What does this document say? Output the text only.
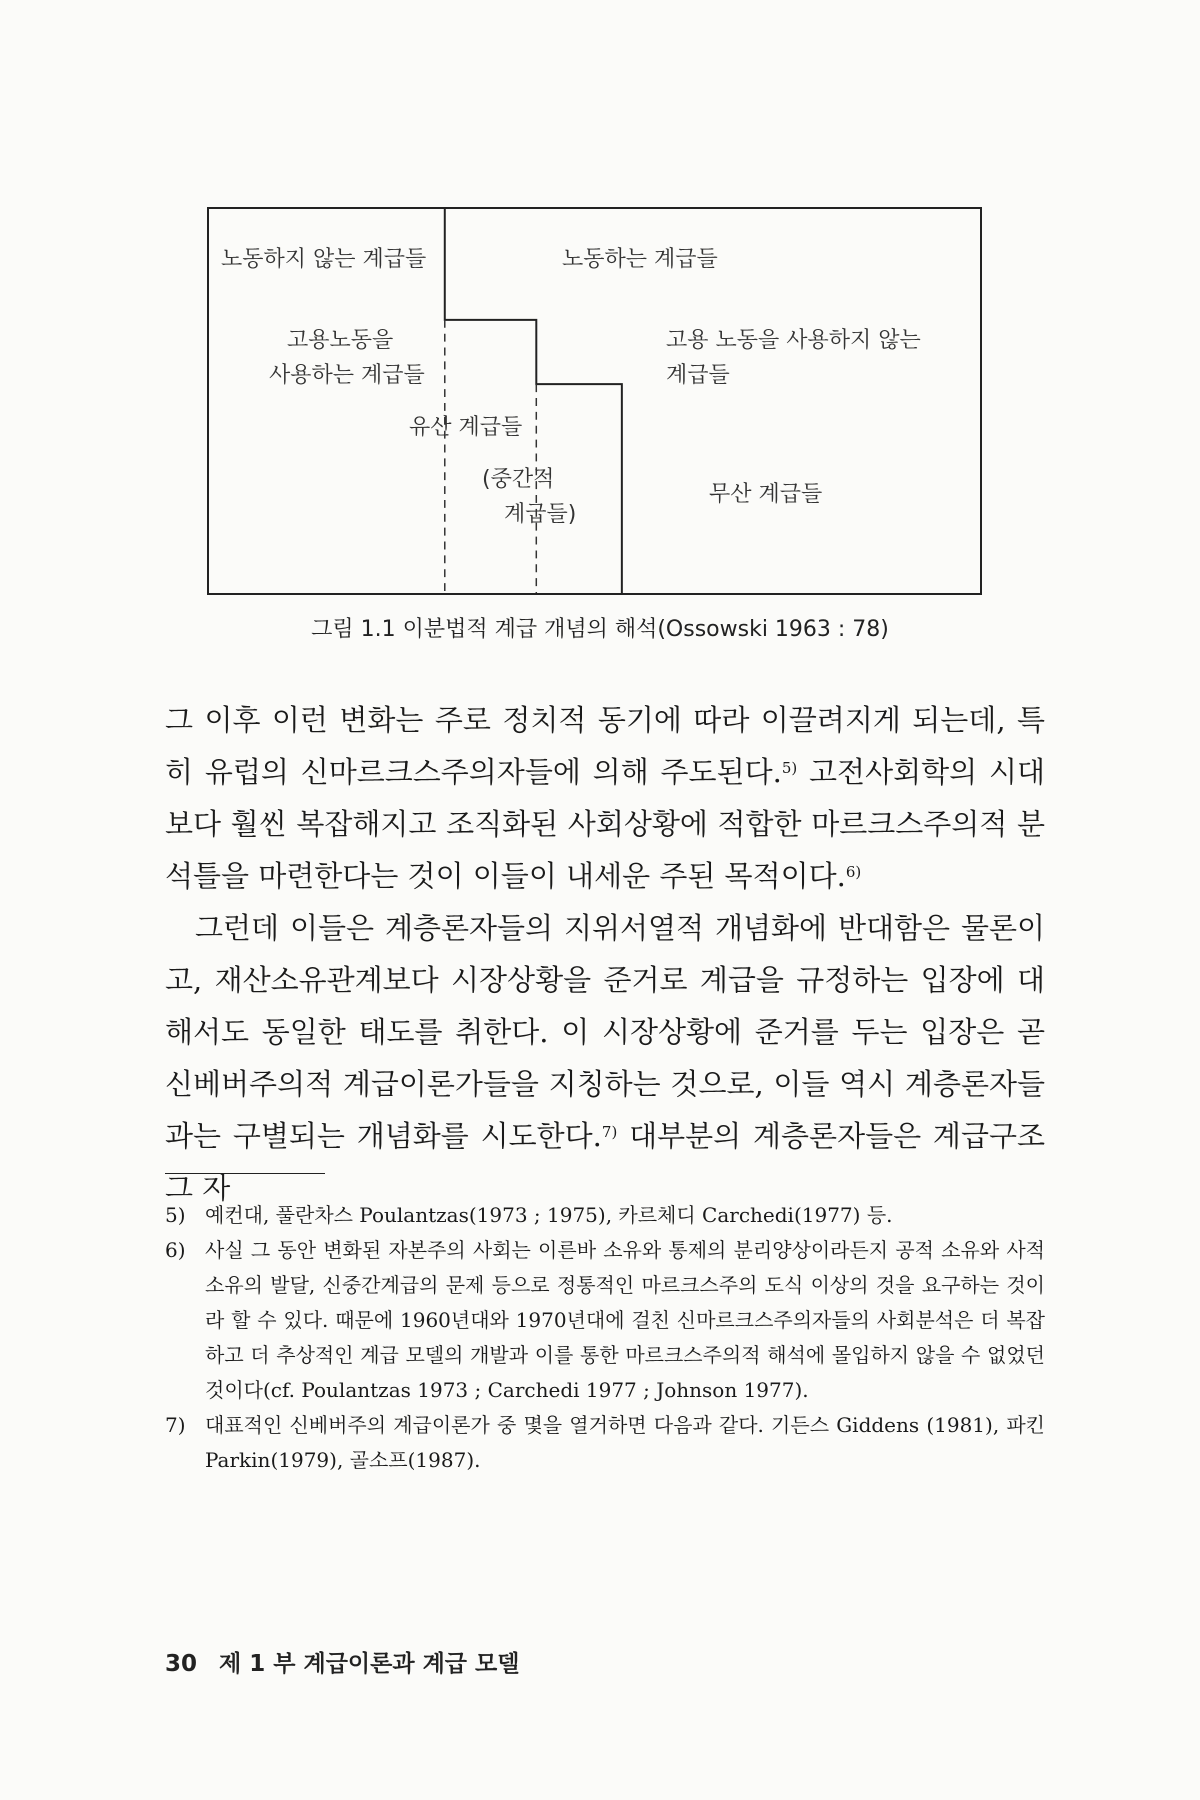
노동하지 않는 계급들	노동하는 계급들
고용노동을
사용하는 계급들
고용 노동을 사용하지 않는
계급들
유산 계급들
(중간적
계급들)
무산 계급들
그림 1.1 이분법적 계급 개념의 해석(Ossowski 1963 : 78)

그 이후 이런 변화는 주로 정치적 동기에 따라 이끌려지게 되는데, 특히 유럽의 신마르크스주의자들에 의해 주도된다.$^{5)}$ 고전사회학의 시대보다 훨씬 복잡해지고 조직화된 사회상황에 적합한 마르크스주의적 분석틀을 마련한다는 것이 이들이 내세운 주된 목적이다.$^{6)}$

그런데 이들은 계층론자들의 지위서열적 개념화에 반대함은 물론이고, 재산소유관계보다 시장상황을 준거로 계급을 규정하는 입장에 대해서도 동일한 태도를 취한다. 이 시장상황에 준거를 두는 입장은 곧 신베버주의적 계급이론가들을 지칭하는 것으로, 이들 역시 계층론자들과는 구별되는 개념화를 시도한다.$^{7)}$ 대부분의 계층론자들은 계급구조 그 자

5) 예컨대, 풀란차스 Poulantzas(1973 ; 1975), 카르체디 Carchedi(1977) 등.
6) 사실 그 동안 변화된 자본주의 사회는 이른바 소유와 통제의 분리양상이라든지 공적 소유와 사적 소유의 발달, 신중간계급의 문제 등으로 정통적인 마르크스주의 도식 이상의 것을 요구하는 것이라 할 수 있다. 때문에 1960년대와 1970년대에 걸친 신마르크스주의자들의 사회분석은 더 복잡하고 더 추상적인 계급 모델의 개발과 이를 통한 마르크스주의적 해석에 몰입하지 않을 수 없었던 것이다(cf. Poulantzas 1973 ; Carchedi 1977 ; Johnson 1977).
7) 대표적인 신베버주의 계급이론가 중 몇을 열거하면 다음과 같다. 기든스 Giddens (1981), 파킨 Parkin(1979), 골소프(1987).
30 제 1 부 계급이론과 계급 모델
